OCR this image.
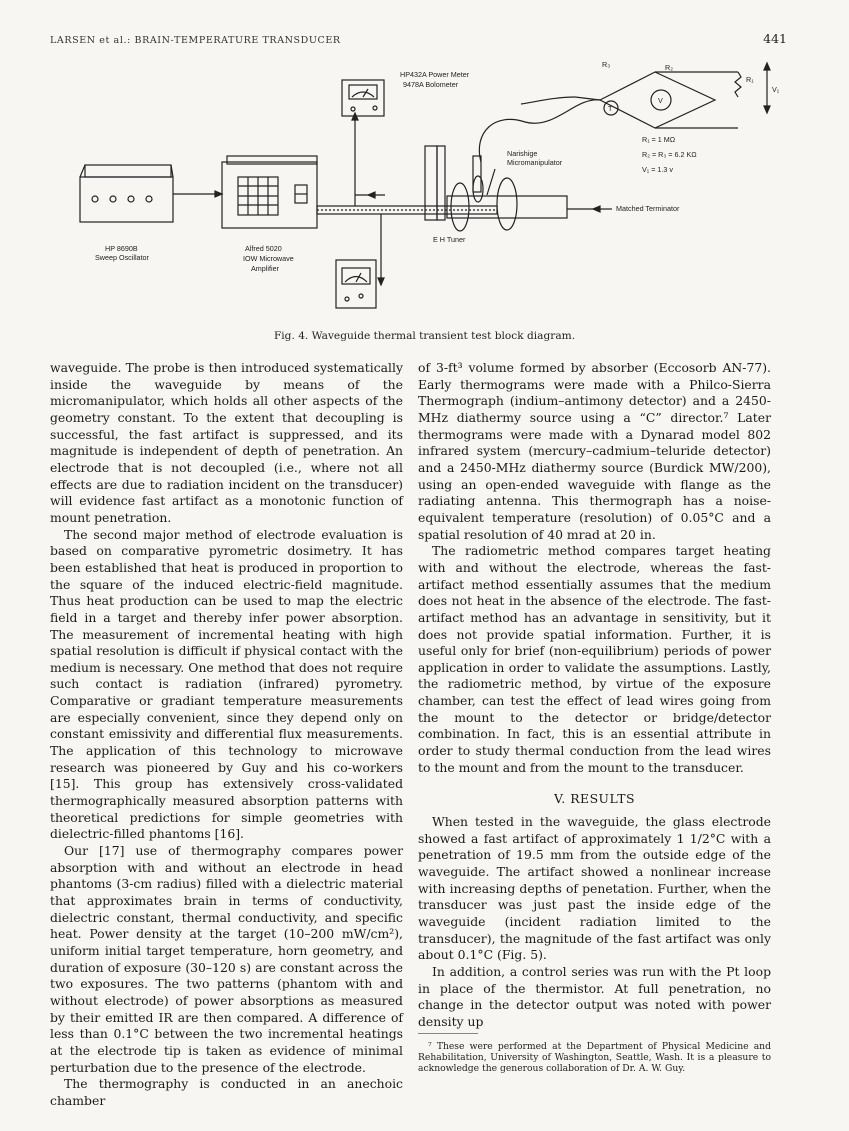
LARSEN et al.: BRAIN-TEMPERATURE TRANSDUCER	441
HP432A Power Meter
9478A Bolometer
HP 8690B
Sweep Oscillator
Alfred 5020
IOW Microwave
Amplifier
Narishige
Micromanipulator
Matched Terminator
E H Tuner
R₁ = 1 MΩ
R₂ = R₃ = 6.2 KΩ
V₁ = 1.3 v
R₃	R₂
R₁
V₁
V
T
Fig. 4. Waveguide thermal transient test block diagram.

waveguide. The probe is then introduced systematically inside the waveguide by means of the micromanipulator, which holds all other aspects of the geometry constant. To the extent that decoupling is successful, the fast artifact is suppressed, and its magnitude is independent of depth of penetration. An electrode that is not decoupled (i.e., where not all effects are due to radiation incident on the transducer) will evidence fast artifact as a monotonic function of mount penetration.

The second major method of electrode evaluation is based on comparative pyrometric dosimetry. It has been established that heat is produced in proportion to the square of the induced electric-field magnitude. Thus heat production can be used to map the electric field in a target and thereby infer power absorption. The measurement of incremental heating with high spatial resolution is difficult if physical contact with the medium is necessary. One method that does not require such contact is radiation (infrared) pyrometry. Comparative or gradiant temperature measurements are especially convenient, since they depend only on constant emissivity and differential flux measurements. The application of this technology to microwave research was pioneered by Guy and his co-workers [15]. This group has extensively cross-validated thermographically measured absorption patterns with theoretical predictions for simple geometries with dielectric-filled phantoms [16].

Our [17] use of thermography compares power absorption with and without an electrode in head phantoms (3-cm radius) filled with a dielectric material that approximates brain in terms of conductivity, dielectric constant, thermal conductivity, and specific heat. Power density at the target (10–200 mW/cm²), uniform initial target temperature, horn geometry, and duration of exposure (30–120 s) are constant across the two exposures. The two patterns (phantom with and without electrode) of power absorptions as measured by their emitted IR are then compared. A difference of less than 0.1°C between the two incremental heatings at the electrode tip is taken as evidence of minimal perturbation due to the presence of the electrode.

The thermography is conducted in an anechoic chamber

of 3-ft³ volume formed by absorber (Eccosorb AN-77). Early thermograms were made with a Philco-Sierra Thermograph (indium–antimony detector) and a 2450-MHz diathermy source using a “C” director.⁷ Later thermograms were made with a Dynarad model 802 infrared system (mercury–cadmium–teluride detector) and a 2450-MHz diathermy source (Burdick MW/200), using an open-ended waveguide with flange as the radiating antenna. This thermograph has a noise-equivalent temperature (resolution) of 0.05°C and a spatial resolution of 40 mrad at 20 in.

The radiometric method compares target heating with and without the electrode, whereas the fast-artifact method essentially assumes that the medium does not heat in the absence of the electrode. The fast-artifact method has an advantage in sensitivity, but it does not provide spatial information. Further, it is useful only for brief (non-equilibrium) periods of power application in order to validate the assumptions. Lastly, the radiometric method, by virtue of the exposure chamber, can test the effect of lead wires going from the mount to the detector or bridge/detector combination. In fact, this is an essential attribute in order to study thermal conduction from the lead wires to the mount and from the mount to the transducer.

V. RESULTS

When tested in the waveguide, the glass electrode showed a fast artifact of approximately 1 1/2°C with a penetration of 19.5 mm from the outside edge of the waveguide. The artifact showed a nonlinear increase with increasing depths of penetation. Further, when the transducer was just past the inside edge of the waveguide (incident radiation limited to the transducer), the magnitude of the fast artifact was only about 0.1°C (Fig. 5).

In addition, a control series was run with the Pt loop in place of the thermistor. At full penetration, no change in the detector output was noted with power density up

⁷ These were performed at the Department of Physical Medicine and Rehabilitation, University of Washington, Seattle, Wash. It is a pleasure to acknowledge the generous collaboration of Dr. A. W. Guy.
